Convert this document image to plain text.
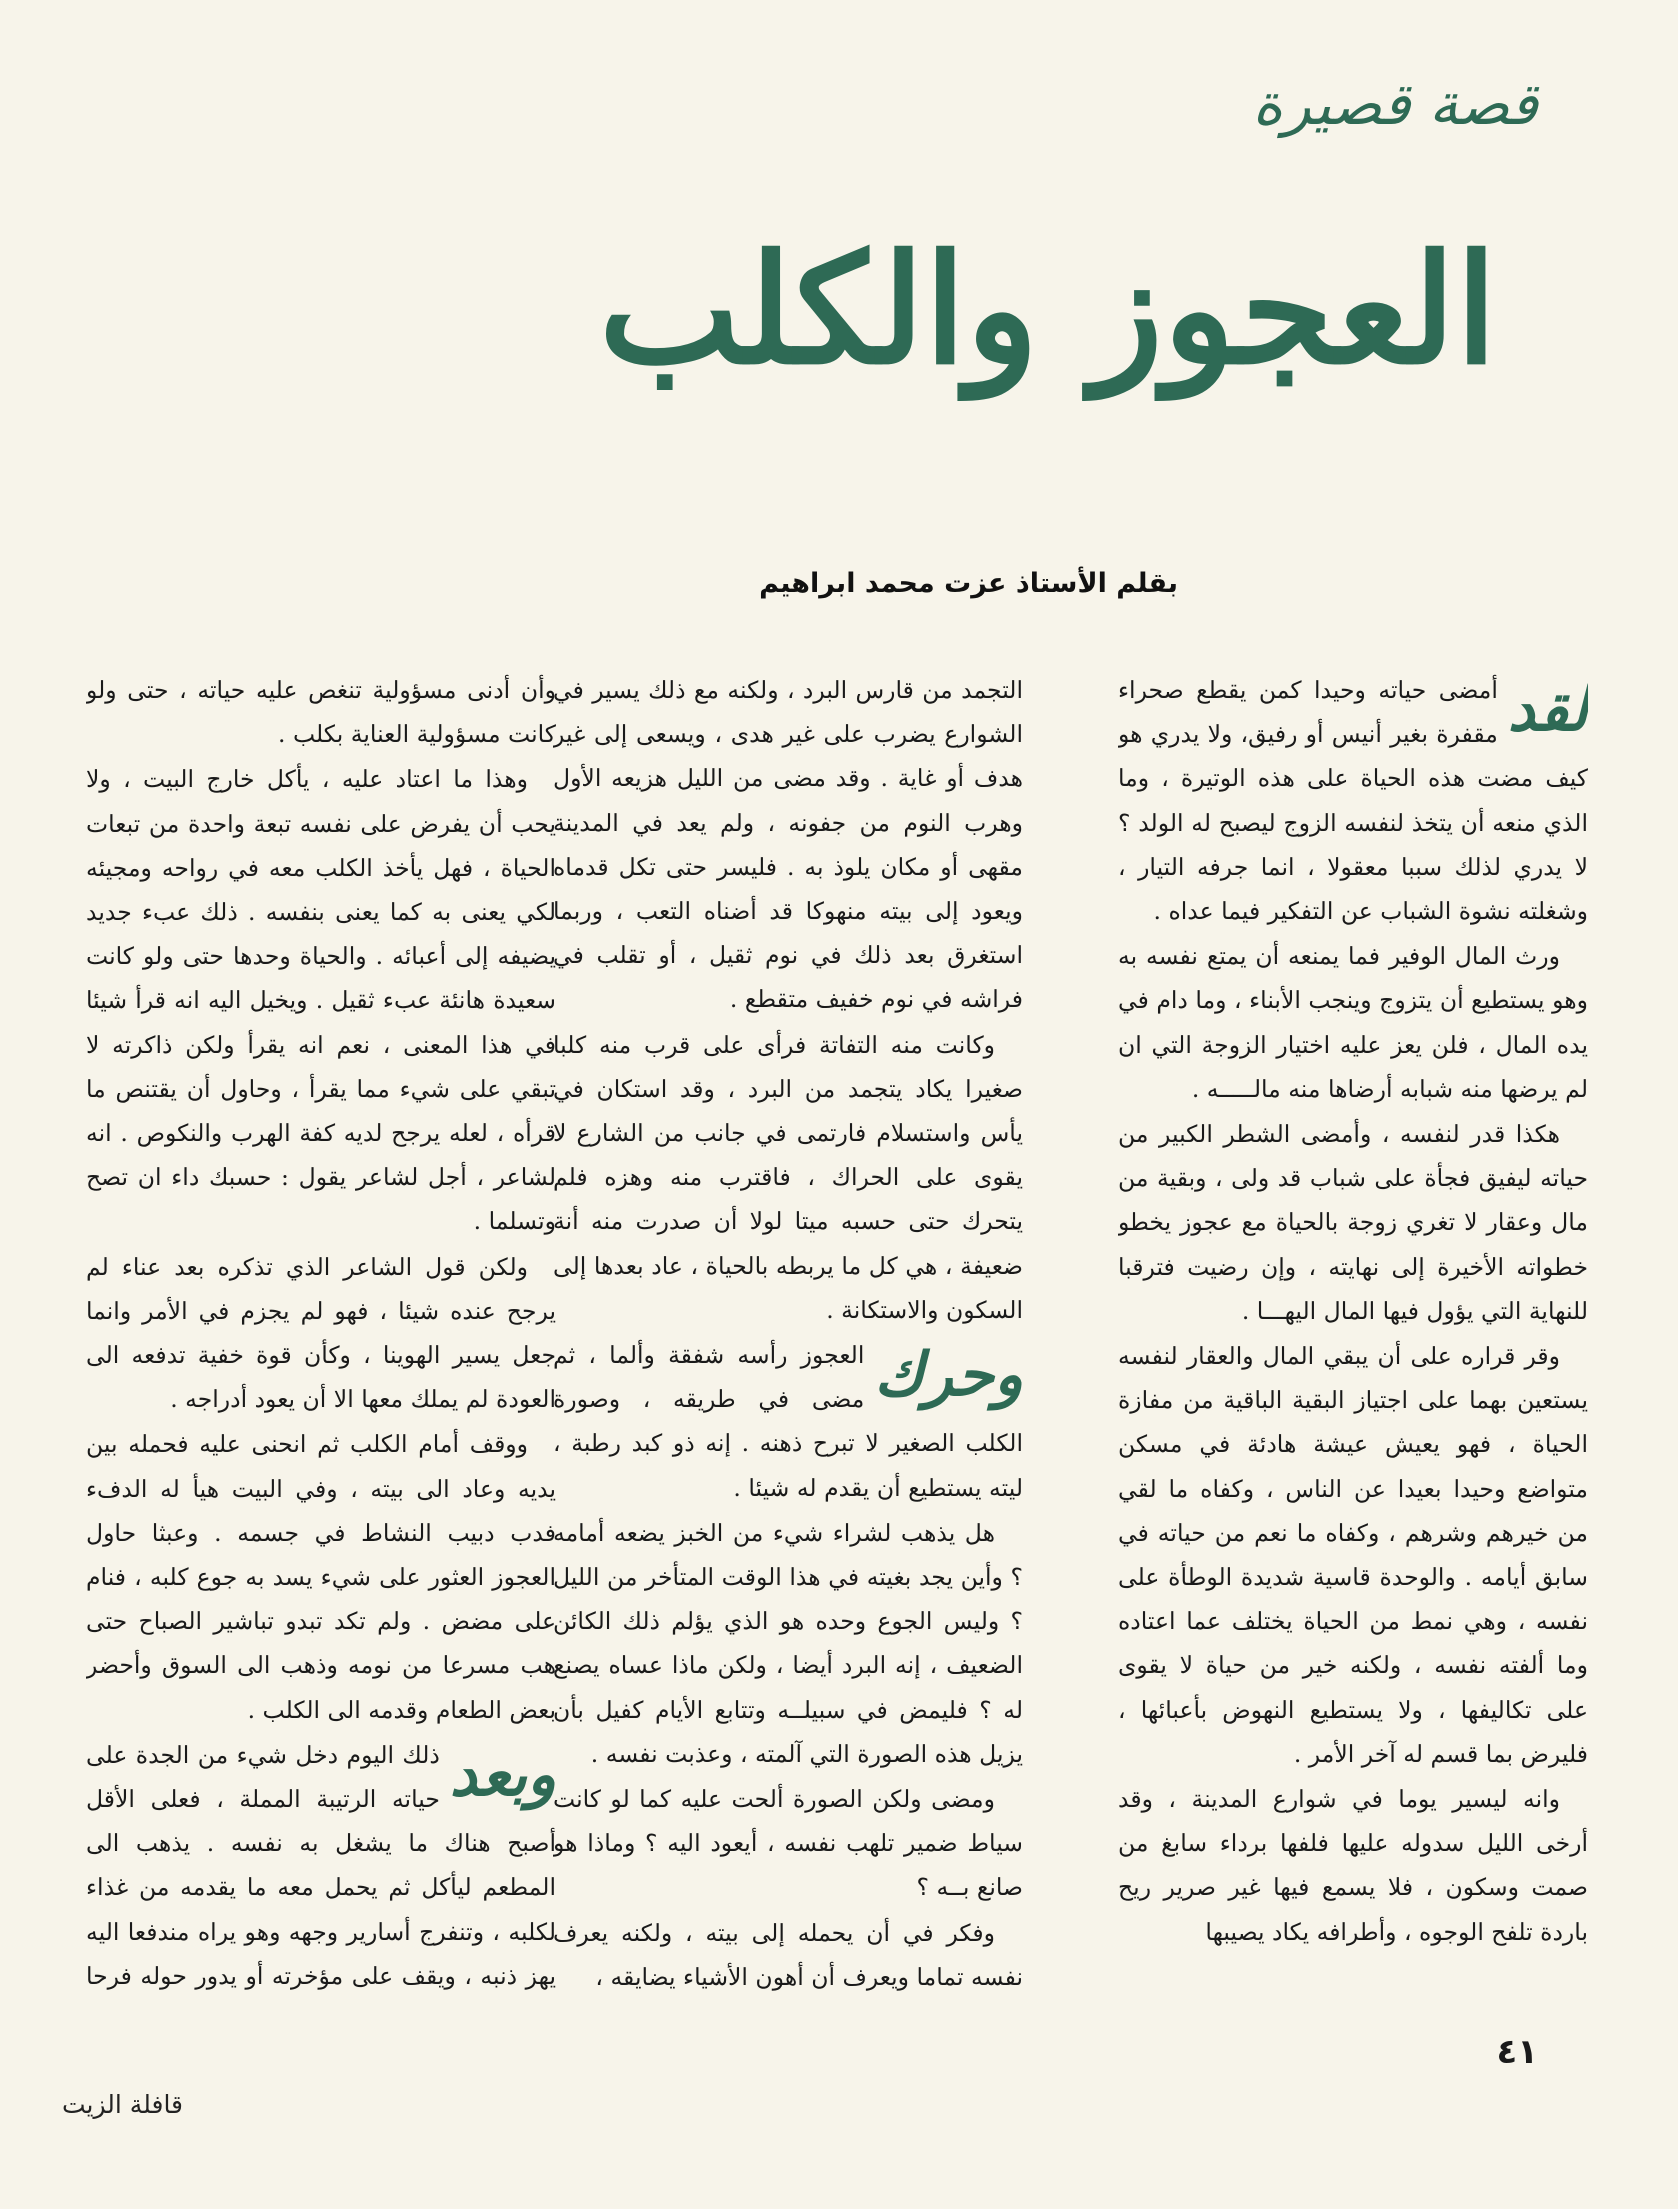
قصة قصيرة
العجوز والكلب
بقلم الأستاذ عزت محمد ابراهيم

لقد
أمضى حياته وحيدا كمن يقطع صحراء مقفرة بغير أنيس أو رفيق، ولا يدري هو كيف مضت هذه الحياة على هذه الوتيرة ، وما الذي منعه أن يتخذ لنفسه الزوج ليصبح له الولد ؟ لا يدري لذلك سببا معقولا ، انما جرفه التيار ، وشغلته نشوة الشباب عن التفكير فيما عداه .

ورث المال الوفير فما يمنعه أن يمتع نفسه به وهو يستطيع أن يتزوج وينجب الأبناء ، وما دام في يده المال ، فلن يعز عليه اختيار الزوجة التي ان لم يرضها منه شبابه أرضاها منه مالـــــه .

هكذا قدر لنفسه ، وأمضى الشطر الكبير من حياته ليفيق فجأة على شباب قد ولى ، وبقية من مال وعقار لا تغري زوجة بالحياة مع عجوز يخطو خطواته الأخيرة إلى نهايته ، وإن رضيت فترقبا للنهاية التي يؤول فيها المال اليهـــا .

وقر قراره على أن يبقي المال والعقار لنفسه يستعين بهما على اجتياز البقية الباقية من مفازة الحياة ، فهو يعيش عيشة هادئة في مسكن متواضع وحيدا بعيدا عن الناس ، وكفاه ما لقي من خيرهم وشرهم ، وكفاه ما نعم من حياته في سابق أيامه . والوحدة قاسية شديدة الوطأة على نفسه ، وهي نمط من الحياة يختلف عما اعتاده وما ألفته نفسه ، ولكنه خير من حياة لا يقوى على تكاليفها ، ولا يستطيع النهوض بأعبائها ، فليرض بما قسم له آخر الأمر .

وانه ليسير يوما في شوارع المدينة ، وقد أرخى الليل سدوله عليها فلفها برداء سابغ من صمت وسكون ، فلا يسمع فيها غير صرير ريح باردة تلفح الوجوه ، وأطرافه يكاد يصيبها

التجمد من قارس البرد ، ولكنه مع ذلك يسير في الشوارع يضرب على غير هدى ، ويسعى إلى غير هدف أو غاية . وقد مضى من الليل هزيعه الأول وهرب النوم من جفونه ، ولم يعد في المدينة مقهى أو مكان يلوذ به . فليسر حتى تكل قدماه ويعود إلى بيته منهوكا قد أضناه التعب ، وربما استغرق بعد ذلك في نوم ثقيل ، أو تقلب في فراشه في نوم خفيف متقطع .

وكانت منه التفاتة فرأى على قرب منه كلبا صغيرا يكاد يتجمد من البرد ، وقد استكان في يأس واستسلام فارتمى في جانب من الشارع لا يقوى على الحراك ، فاقترب منه وهزه فلم يتحرك حتى حسبه ميتا لولا أن صدرت منه أنة ضعيفة ، هي كل ما يربطه بالحياة ، عاد بعدها إلى السكون والاستكانة .

وحرك
العجوز رأسه شفقة وألما ، ثم مضى في طريقه ، وصورة الكلب الصغير لا تبرح ذهنه . إنه ذو كبد رطبة ، ليته يستطيع أن يقدم له شيئا .

هل يذهب لشراء شيء من الخبز يضعه أمامه ؟ وأين يجد بغيته في هذا الوقت المتأخر من الليل ؟ وليس الجوع وحده هو الذي يؤلم ذلك الكائن الضعيف ، إنه البرد أيضا ، ولكن ماذا عساه يصنع له ؟ فليمض في سبيلــه وتتابع الأيام كفيل بأن يزيل هذه الصورة التي آلمته ، وعذبت نفسه .

ومضى ولكن الصورة ألحت عليه كما لو كانت سياط ضمير تلهب نفسه ، أيعود اليه ؟ وماذا هو صانع بــه ؟

وفكر في أن يحمله إلى بيته ، ولكنه يعرف نفسه تماما ويعرف أن أهون الأشياء يضايقه ،

وأن أدنى مسؤولية تنغص عليه حياته ، حتى ولو كانت مسؤولية العناية بكلب .

وهذا ما اعتاد عليه ، يأكل خارج البيت ، ولا يحب أن يفرض على نفسه تبعة واحدة من تبعات الحياة ، فهل يأخذ الكلب معه في رواحه ومجيئه لكي يعنى به كما يعنى بنفسه . ذلك عبء جديد يضيفه إلى أعبائه . والحياة وحدها حتى ولو كانت سعيدة هانئة عبء ثقيل . ويخيل اليه انه قرأ شيئا في هذا المعنى ، نعم انه يقرأ ولكن ذاكرته لا تبقي على شيء مما يقرأ ، وحاول أن يقتنص ما قرأه ، لعله يرجح لديه كفة الهرب والنكوص . انه لشاعر ، أجل لشاعر يقول : حسبك داء ان تصح وتسلما .

ولكن قول الشاعر الذي تذكره بعد عناء لم يرجح عنده شيئا ، فهو لم يجزم في الأمر وانما جعل يسير الهوينا ، وكأن قوة خفية تدفعه الى العودة لم يملك معها الا أن يعود أدراجه .

ووقف أمام الكلب ثم انحنى عليه فحمله بين يديه وعاد الى بيته ، وفي البيت هيأ له الدفء فدب دبيب النشاط في جسمه . وعبثا حاول العجوز العثور على شيء يسد به جوع كلبه ، فنام على مضض . ولم تكد تبدو تباشير الصباح حتى هب مسرعا من نومه وذهب الى السوق وأحضر بعض الطعام وقدمه الى الكلب .

وبعد
ذلك اليوم دخل شيء من الجدة على حياته الرتيبة المملة ، فعلى الأقل أصبح هناك ما يشغل به نفسه . يذهب الى المطعم ليأكل ثم يحمل معه ما يقدمه من غذاء لكلبه ، وتنفرج أسارير وجهه وهو يراه مندفعا اليه يهز ذنبه ، ويقف على مؤخرته أو يدور حوله فرحا

٤١
قافلة الزيت
